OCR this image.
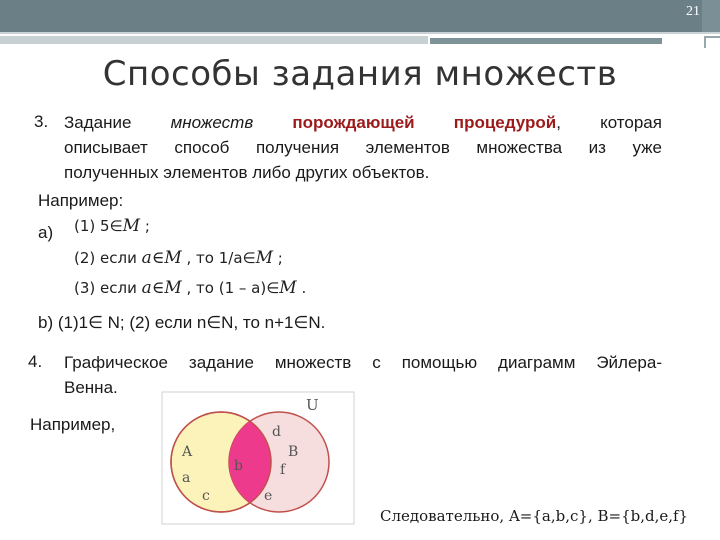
21
Способы задания множеств
3. Задание множеств порождающей процедурой, которая
описывает способ получения элементов множества из уже
полученных элементов либо других объектов.
Например:
a) (1) 5∈M ;
(2) если a∈M , то 1/a∈M ;
(3) если a∈M , то (1 – a)∈M .
b) (1)1∈ N; (2) если n∈N, то n+1∈N.
4. Графическое задание множеств с помощью диаграмм Эйлера-
Венна.
Например,
U
A	B
a
b
c
d
e
f
Следовательно, A={a,b,c}, B={b,d,e,f}
